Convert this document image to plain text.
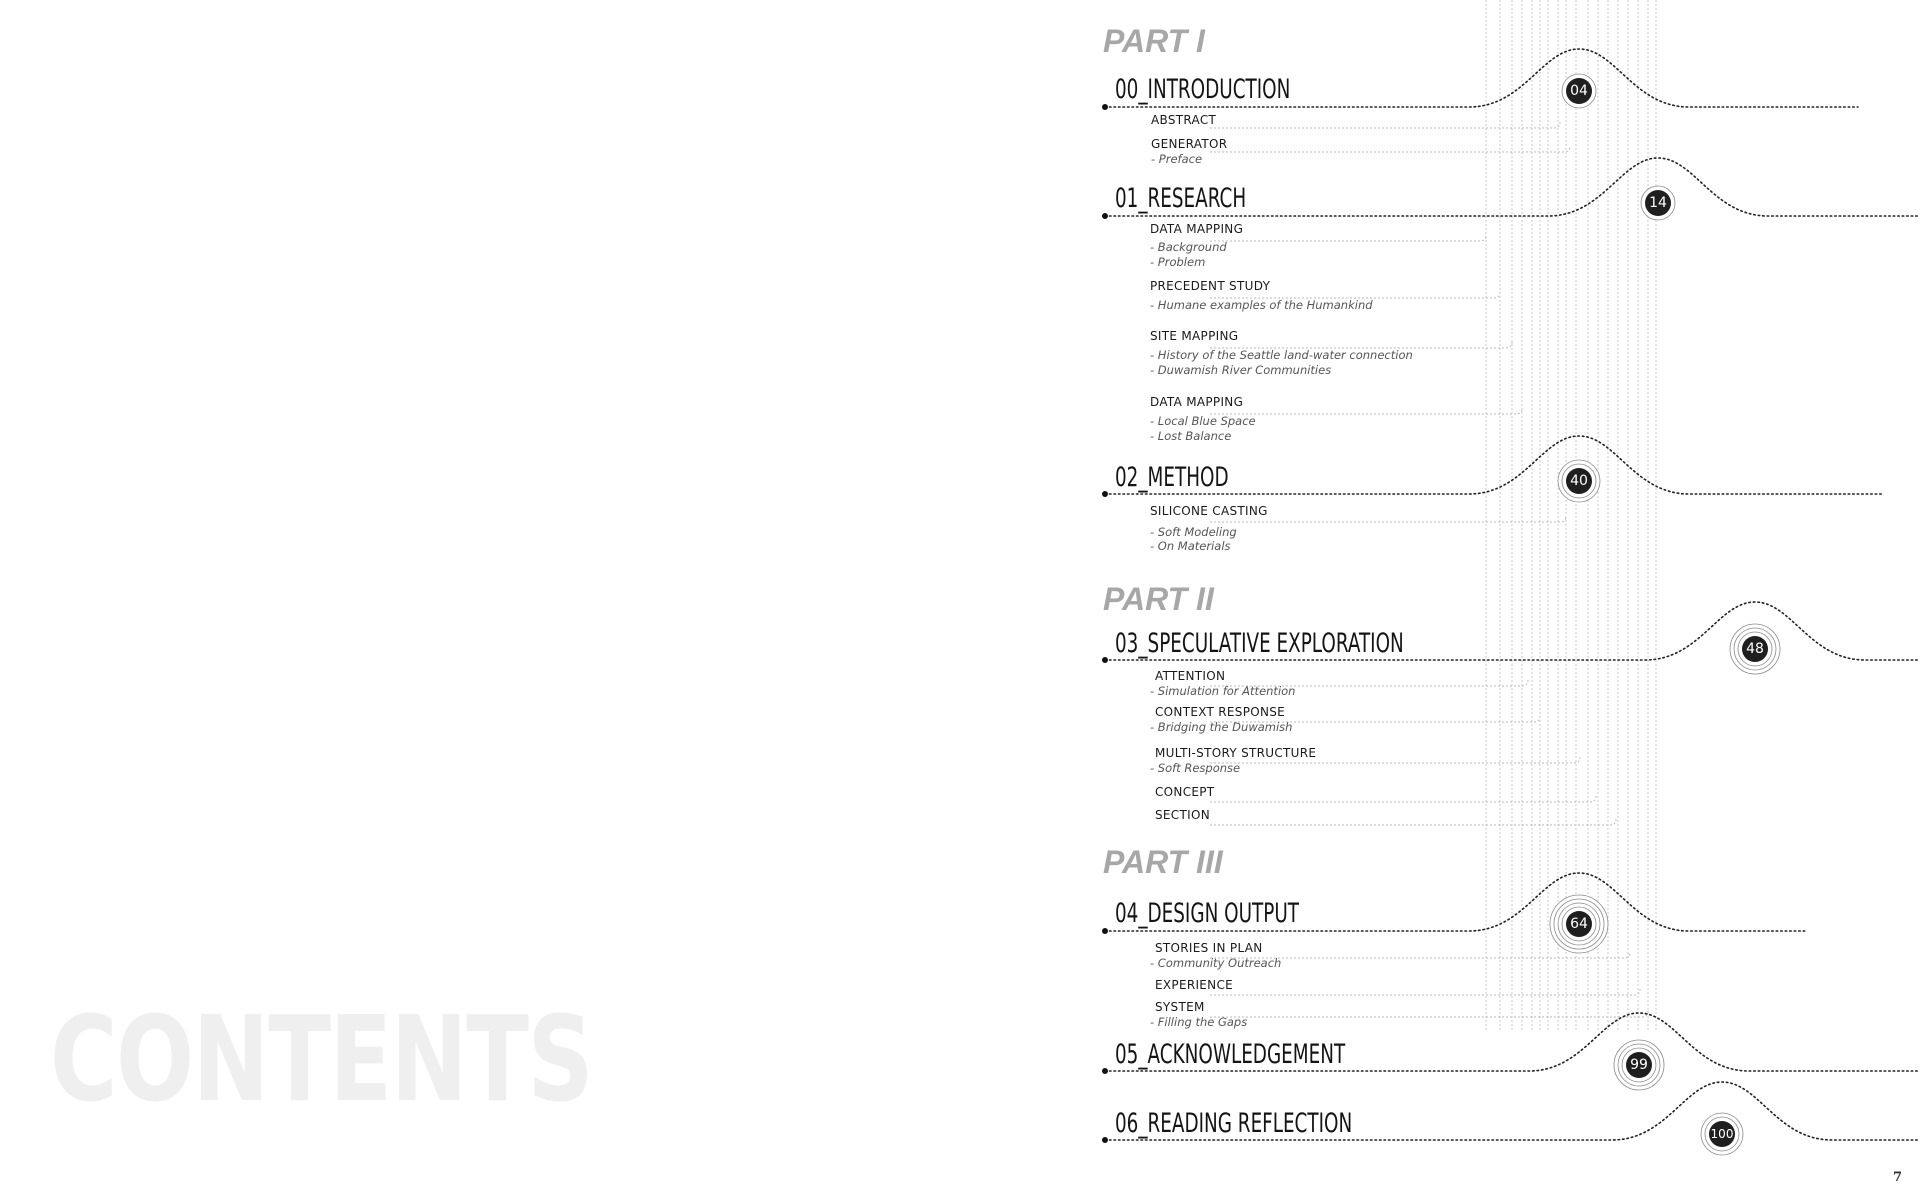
CONTENTS
PART I
PART II
PART III
00_INTRODUCTION
01_RESEARCH
02_METHOD
03_SPECULATIVE EXPLORATION
04_DESIGN OUTPUT
05_ACKNOWLEDGEMENT
06_READING REFLECTION
ABSTRACT
GENERATOR
- Preface
DATA MAPPING
- Background
- Problem
PRECEDENT STUDY
- Humane examples of the Humankind
SITE MAPPING
- History of the Seattle land-water connection
- Duwamish River Communities
DATA MAPPING
- Local Blue Space
- Lost Balance
SILICONE CASTING
- Soft Modeling
- On Materials
ATTENTION
- Simulation for Attention
CONTEXT RESPONSE
- Bridging the Duwamish
MULTI-STORY STRUCTURE
- Soft Response
CONCEPT
SECTION
STORIES IN PLAN
- Community Outreach
EXPERIENCE
SYSTEM
- Filling the Gaps
04
14
40
48
64
99
100
7
